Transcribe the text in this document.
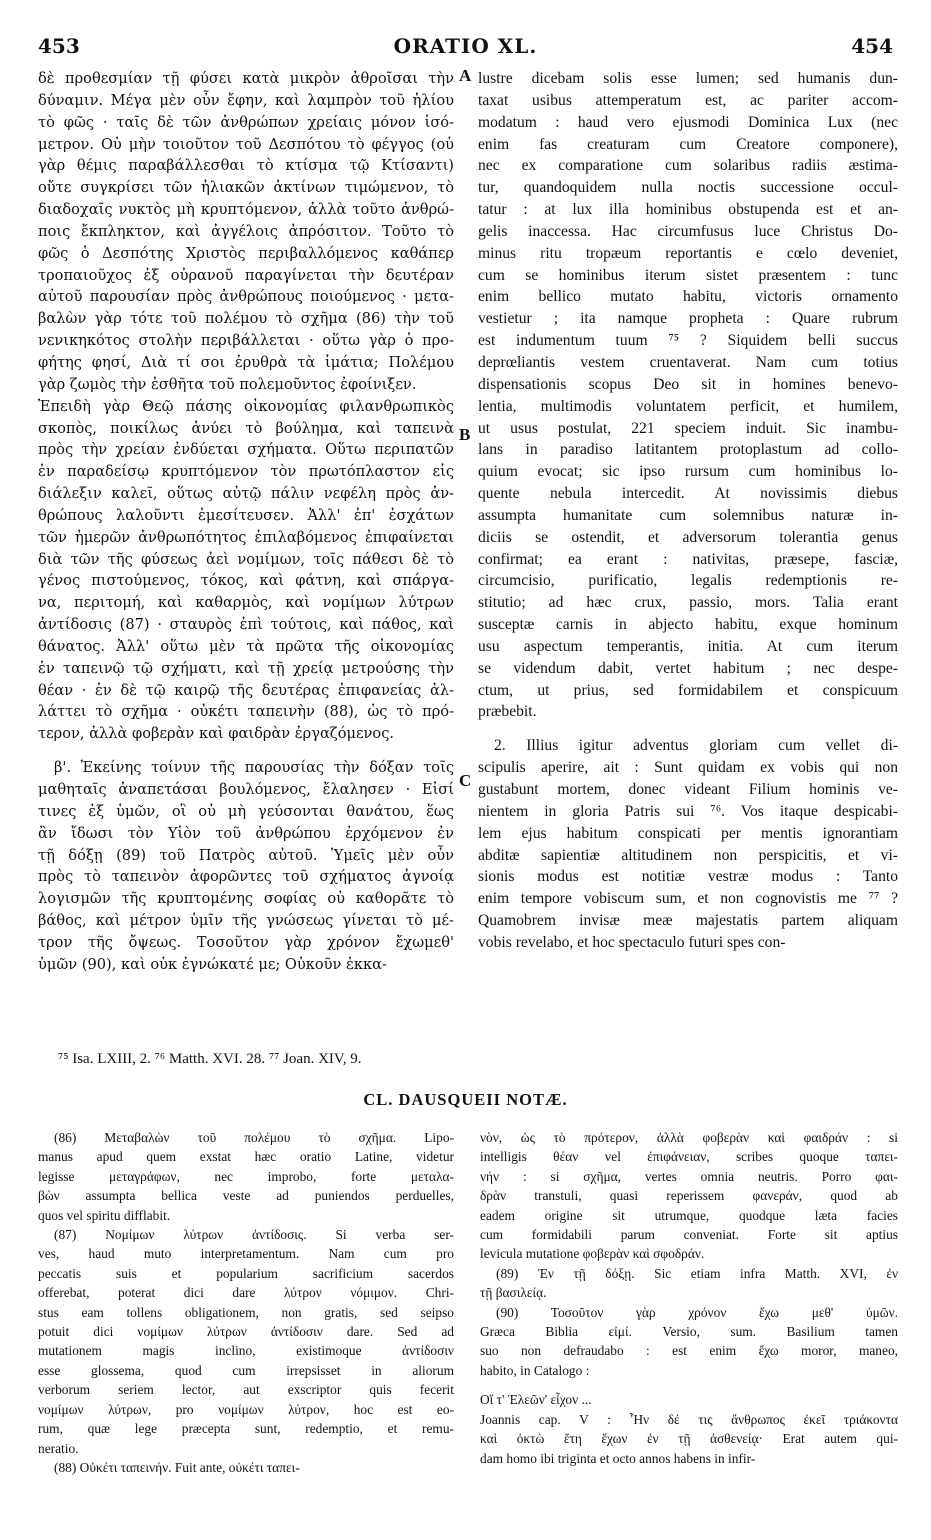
453	ORATIO XL.	454
A
B
C
δὲ προθεσμίαν τῇ φύσει κατὰ μικρὸν ἀθροῖσαι τὴν
δύναμιν. Μέγα μὲν οὖν ἔφην, καὶ λαμπρὸν τοῦ ἡλίου
τὸ φῶς · ταῖς δὲ τῶν ἀνθρώπων χρείαις μόνον ἰσό-
μετρον. Οὐ μὴν τοιοῦτον τοῦ Δεσπότου τὸ φέγγος (οὐ
γὰρ θέμις παραβάλλεσθαι τὸ κτίσμα τῷ Κτίσαντι)
οὔτε συγκρίσει τῶν ἡλιακῶν ἀκτίνων τιμώμενον, τὸ
διαδοχαῖς νυκτὸς μὴ κρυπτόμενον, ἀλλὰ τοῦτο ἀνθρώ-
ποις ἔκπληκτον, καὶ ἀγγέλοις ἀπρόσιτον. Τοῦτο τὸ
φῶς ὁ Δεσπότης Χριστὸς περιβαλλόμενος καθάπερ
τροπαιοῦχος ἐξ οὐρανοῦ παραγίνεται τὴν δευτέραν
αὐτοῦ παρουσίαν πρὸς ἀνθρώπους ποιούμενος · μετα-
βαλὼν γὰρ τότε τοῦ πολέμου τὸ σχῆμα (86) τὴν τοῦ
νενικηκότος στολὴν περιβάλλεται · οὕτω γὰρ ὁ προ-
φήτης φησί, Διὰ τί σοι ἐρυθρὰ τὰ ἱμάτια; Πολέμου
γὰρ ζωμὸς τὴν ἐσθῆτα τοῦ πολεμοῦντος ἐφοίνιξεν.
Ἐπειδὴ γὰρ Θεῷ πάσης οἰκονομίας φιλανθρωπικὸς
σκοπὸς, ποικίλως ἀνύει τὸ βούλημα, καὶ ταπεινὰ
πρὸς τὴν χρείαν ἐνδύεται σχήματα. Οὕτω περιπατῶν
ἐν παραδείσῳ κρυπτόμενον τὸν πρωτόπλαστον εἰς
διάλεξιν καλεῖ, οὕτως αὐτῷ πάλιν νεφέλη πρὸς ἀν-
θρώπους λαλοῦντι ἐμεσίτευσεν. Ἀλλ' ἐπ' ἐσχάτων
τῶν ἡμερῶν ἀνθρωπότητος ἐπιλαβόμενος ἐπιφαίνεται
διὰ τῶν τῆς φύσεως ἀεὶ νομίμων, τοῖς πάθεσι δὲ τὸ
γένος πιστούμενος, τόκος, καὶ φάτνη, καὶ σπάργα-
να, περιτομή, καὶ καθαρμὸς, καὶ νομίμων λύτρων
ἀντίδοσις (87) · σταυρὸς ἐπὶ τούτοις, καὶ πάθος, καὶ
θάνατος. Ἀλλ' οὕτω μὲν τὰ πρῶτα τῆς οἰκονομίας
ἐν ταπεινῷ τῷ σχήματι, καὶ τῇ χρείᾳ μετρούσης τὴν
θέαν · ἐν δὲ τῷ καιρῷ τῆς δευτέρας ἐπιφανείας ἀλ-
λάττει τὸ σχῆμα · οὐκέτι ταπεινὴν (88), ὡς τὸ πρό-
τερον, ἀλλὰ φοβερὰν καὶ φαιδρὰν ἐργαζόμενος.
β'. Ἐκείνης τοίνυν τῆς παρουσίας τὴν δόξαν τοῖς
μαθηταῖς ἀναπετάσαι βουλόμενος, ἔλαλησεν · Εἰσί
τινες ἐξ ὑμῶν, οἳ οὐ μὴ γεύσονται θανάτου, ἕως
ἂν ἴδωσι τὸν Υἱὸν τοῦ ἀνθρώπου ἐρχόμενον ἐν
τῇ δόξῃ (89) τοῦ Πατρὸς αὐτοῦ. Ὑμεῖς μὲν οὖν
πρὸς τὸ ταπεινὸν ἀφορῶντες τοῦ σχήματος ἀγνοίᾳ
λογισμῶν τῆς κρυπτομένης σοφίας οὐ καθορᾶτε τὸ
βάθος, καὶ μέτρον ὑμῖν τῆς γνώσεως γίνεται τὸ μέ-
τρον τῆς ὄψεως. Τοσοῦτον γὰρ χρόνον ἔχωμεθ'
ὑμῶν (90), καὶ οὐκ ἐγνώκατέ με; Οὐκοῦν ἐκκα-
lustre dicebam solis esse lumen; sed humanis dun-
taxat usibus attemperatum est, ac pariter accom-
modatum : haud vero ejusmodi Dominica Lux (nec
enim fas creaturam cum Creatore componere),
nec ex comparatione cum solaribus radiis æstima-
tur, quandoquidem nulla noctis successione occul-
tatur : at lux illa hominibus obstupenda est et an-
gelis inaccessa. Hac circumfusus luce Christus Do-
minus ritu tropæum reportantis e cœlo deveniet,
cum se hominibus iterum sistet præsentem : tunc
enim bellico mutato habitu, victoris ornamento
vestietur ; ita namque propheta : Quare rubrum
est indumentum tuum ⁷⁵ ? Siquidem belli succus
deprœliantis vestem cruentaverat. Nam cum totius
dispensationis scopus Deo sit in homines benevo-
lentia, multimodis voluntatem perficit, et humilem,
ut usus postulat, 221 speciem induit. Sic inambu-
lans in paradiso latitantem protoplastum ad collo-
quium evocat; sic ipso rursum cum hominibus lo-
quente nebula intercedit. At novissimis diebus
assumpta humanitate cum solemnibus naturæ in-
diciis se ostendit, et adversorum tolerantia genus
confirmat; ea erant : nativitas, præsepe, fasciæ,
circumcisio, purificatio, legalis redemptionis re-
stitutio; ad hæc crux, passio, mors. Talia erant
susceptæ carnis in abjecto habitu, exque hominum
usu aspectum temperantis, initia. At cum iterum
se videndum dabit, vertet habitum ; nec despe-
ctum, ut prius, sed formidabilem et conspicuum
præbebit.
2. Illius igitur adventus gloriam cum vellet di-
scipulis aperire, ait : Sunt quidam ex vobis qui non
gustabunt mortem, donec videant Filium hominis ve-
nientem in gloria Patris sui ⁷⁶. Vos itaque despicabi-
lem ejus habitum conspicati per mentis ignorantiam
abditæ sapientiæ altitudinem non perspicitis, et vi-
sionis modus est notitiæ vestræ modus : Tanto
enim tempore vobiscum sum, et non cognovistis me ⁷⁷ ?
Quamobrem invisæ meæ majestatis partem aliquam
vobis revelabo, et hoc spectaculo futuri spes con-
⁷⁵ Isa. LXIII, 2. ⁷⁶ Matth. XVI. 28. ⁷⁷ Joan. XIV, 9.
CL. DAUSQUEII NOTÆ.
(86) Μεταβαλὼν τοῦ πολέμου τὸ σχῆμα. Lipo-
manus apud quem exstat hæc oratio Latine, videtur
legisse μεταγράφων, nec improbo, forte μεταλα-
βὼν assumpta bellica veste ad puniendos perduelles,
quos vel spiritu difflabit.
(87) Νομίμων λύτρων ἀντίδοσις. Si verba ser-
ves, haud muto interpretamentum. Nam cum pro
peccatis suis et popularium sacrificium sacerdos
offerebat, poterat dici dare λύτρον νόμιμον. Chri-
stus eam tollens obligationem, non gratis, sed seipso
potuit dici νομίμων λύτρων ἀντίδοσιν dare. Sed ad
mutationem magis inclino, existimoque ἀντίδοσιν
esse glossema, quod cum irrepsisset in aliorum
verborum seriem lector, aut exscriptor quis fecerit
νομίμων λύτρων, pro νομίμων λύτρον, hoc est eo-
rum, quæ lege præcepta sunt, redemptio, et remu-
neratio.
(88) Οὐκέτι ταπεινήν. Fuit ante, οὐκέτι ταπει-
νὸν, ὡς τὸ πρότερον, ἀλλὰ φοβερὰν καὶ φαιδράν : si
intelligis θέαν vel ἐπιφάνειαν, scribes quoque ταπει-
νήν : si σχῆμα, vertes omnia neutris. Porro φαι-
δρὰν transtuli, quasi reperissem φανεράν, quod ab
eadem origine sit utrumque, quodque læta facies
cum formidabili parum conveniat. Forte sit aptius
levicula mutatione φοβερὰν καὶ σφοδράν.
(89) Ἐν τῇ δόξῃ. Sic etiam infra Matth. XVI, ἐν
τῇ βασιλείᾳ.
(90) Τοσοῦτον γὰρ χρόνον ἔχω μεθ' ὑμῶν.
Græca Biblia εἰμί. Versio, sum. Basilium tamen
suo non defraudabo : est enim ἔχω moror, maneo,
habito, in Catalogo :
Οἵ τ' Ἐλεῶν' εἶχον ...
Joannis cap. V : Ἦν δέ τις ἄνθρωπος ἐκεῖ τριάκοντα
καὶ ὀκτὼ ἔτη ἔχων ἐν τῇ ἀσθενείᾳ· Erat autem qui-
dam homo ibi triginta et octo annos habens in infir-
